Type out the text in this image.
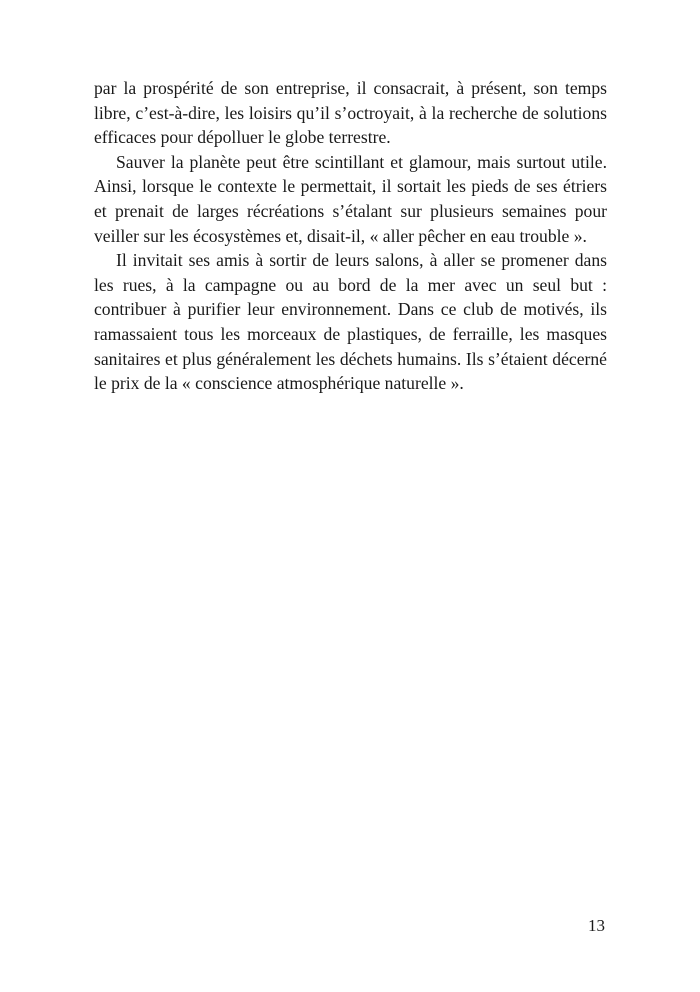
par la prospérité de son entreprise, il consacrait, à présent, son temps libre, c’est-à-dire, les loisirs qu’il s’octroyait, à la recherche de solutions efficaces pour dépolluer le globe terrestre.

Sauver la planète peut être scintillant et glamour, mais surtout utile. Ainsi, lorsque le contexte le permettait, il sortait les pieds de ses étriers et prenait de larges récréations s’étalant sur plusieurs semaines pour veiller sur les écosystèmes et, disait-il, « aller pêcher en eau trouble ».

Il invitait ses amis à sortir de leurs salons, à aller se promener dans les rues, à la campagne ou au bord de la mer avec un seul but : contribuer à purifier leur environnement. Dans ce club de motivés, ils ramassaient tous les morceaux de plastiques, de ferraille, les masques sanitaires et plus généralement les déchets humains. Ils s’étaient décerné le prix de la « conscience atmosphérique naturelle ».

13
